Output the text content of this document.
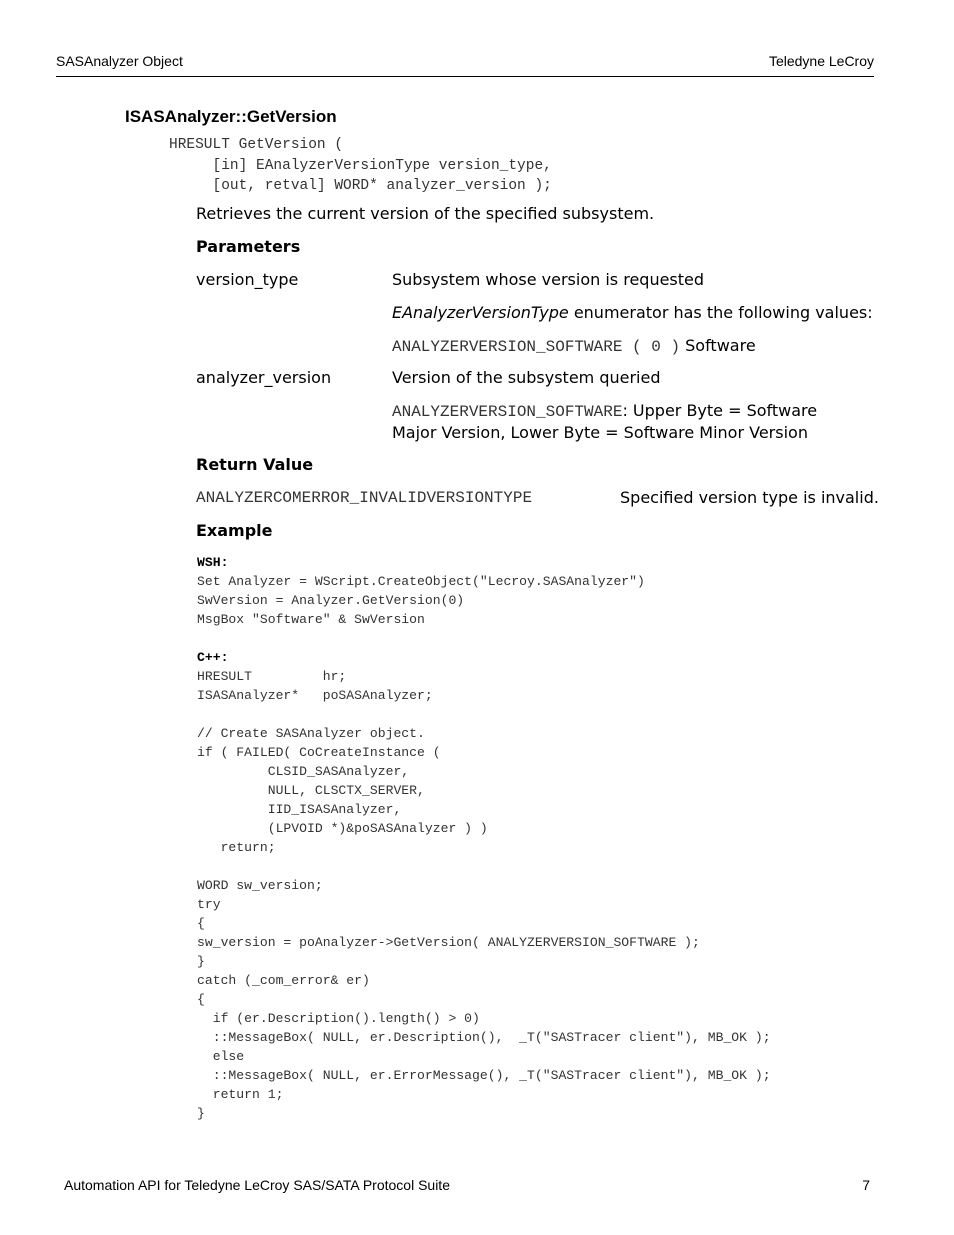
SASAnalyzer Object	Teledyne LeCroy
ISASAnalyzer::GetVersion
HRESULT GetVersion (
[in] EAnalyzerVersionType version_type,
[out, retval] WORD* analyzer_version );
Retrieves the current version of the specified subsystem.
Parameters
version_type	Subsystem whose version is requested
EAnalyzerVersionType enumerator has the following values:
ANALYZERVERSION_SOFTWARE ( 0 ) Software
analyzer_version	Version of the subsystem queried
ANALYZERVERSION_SOFTWARE: Upper Byte = Software
Major Version, Lower Byte = Software Minor Version
Return Value
ANALYZERCOMERROR_INVALIDVERSIONTYPE	Specified version type is invalid.
Example
WSH:
Set Analyzer = WScript.CreateObject("Lecroy.SASAnalyzer")
SwVersion = Analyzer.GetVersion(0)
MsgBox "Software" & SwVersion

C++:
HRESULT         hr;
ISASAnalyzer*   poSASAnalyzer;

// Create SASAnalyzer object.
if ( FAILED( CoCreateInstance (
CLSID_SASAnalyzer,
NULL, CLSCTX_SERVER,
IID_ISASAnalyzer,
(LPVOID *)&poSASAnalyzer ) )
return;

WORD sw_version;
try
{
sw_version = poAnalyzer->GetVersion( ANALYZERVERSION_SOFTWARE );
}
catch (_com_error& er)
{
if (er.Description().length() > 0)
::MessageBox( NULL, er.Description(),  _T("SASTracer client"), MB_OK );
else
::MessageBox( NULL, er.ErrorMessage(), _T("SASTracer client"), MB_OK );
return 1;
}
Automation API for Teledyne LeCroy SAS/SATA Protocol Suite	7
